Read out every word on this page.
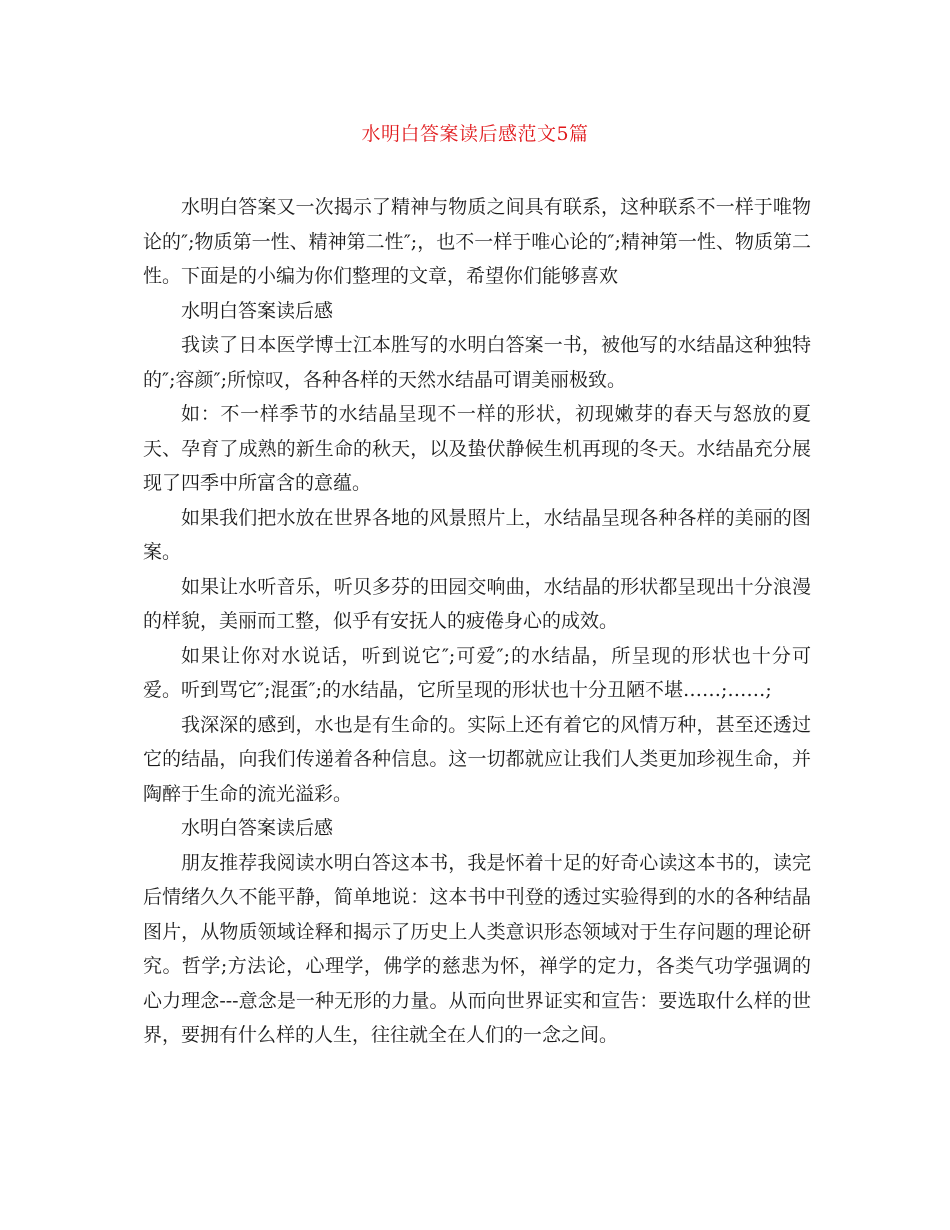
水明白答案读后感范文5篇

水明白答案又一次揭示了精神与物质之间具有联系，这种联系不一样于唯物论的″;物质第一性、精神第二性″;，也不一样于唯心论的″;精神第一性、物质第二性。下面是的小编为你们整理的文章，希望你们能够喜欢

水明白答案读后感

我读了日本医学博士江本胜写的水明白答案一书，被他写的水结晶这种独特的″;容颜″;所惊叹，各种各样的天然水结晶可谓美丽极致。

如：不一样季节的水结晶呈现不一样的形状，初现嫩芽的春天与怒放的夏天、孕育了成熟的新生命的秋天，以及蛰伏静候生机再现的冬天。水结晶充分展现了四季中所富含的意蕴。

如果我们把水放在世界各地的风景照片上，水结晶呈现各种各样的美丽的图案。

如果让水听音乐，听贝多芬的田园交响曲，水结晶的形状都呈现出十分浪漫的样貌，美丽而工整，似乎有安抚人的疲倦身心的成效。

如果让你对水说话，听到说它″;可爱″;的水结晶，所呈现的形状也十分可爱。听到骂它″;混蛋″;的水结晶，它所呈现的形状也十分丑陋不堪……;……;

我深深的感到，水也是有生命的。实际上还有着它的风情万种，甚至还透过它的结晶，向我们传递着各种信息。这一切都就应让我们人类更加珍视生命，并陶醉于生命的流光溢彩。

水明白答案读后感

朋友推荐我阅读水明白答这本书，我是怀着十足的好奇心读这本书的，读完后情绪久久不能平静，简单地说：这本书中刊登的透过实验得到的水的各种结晶图片，从物质领域诠释和揭示了历史上人类意识形态领域对于生存问题的理论研究。哲学;方法论，心理学，佛学的慈悲为怀，禅学的定力，各类气功学强调的心力理念---意念是一种无形的力量。从而向世界证实和宣告：要选取什么样的世界，要拥有什么样的人生，往往就全在人们的一念之间。
